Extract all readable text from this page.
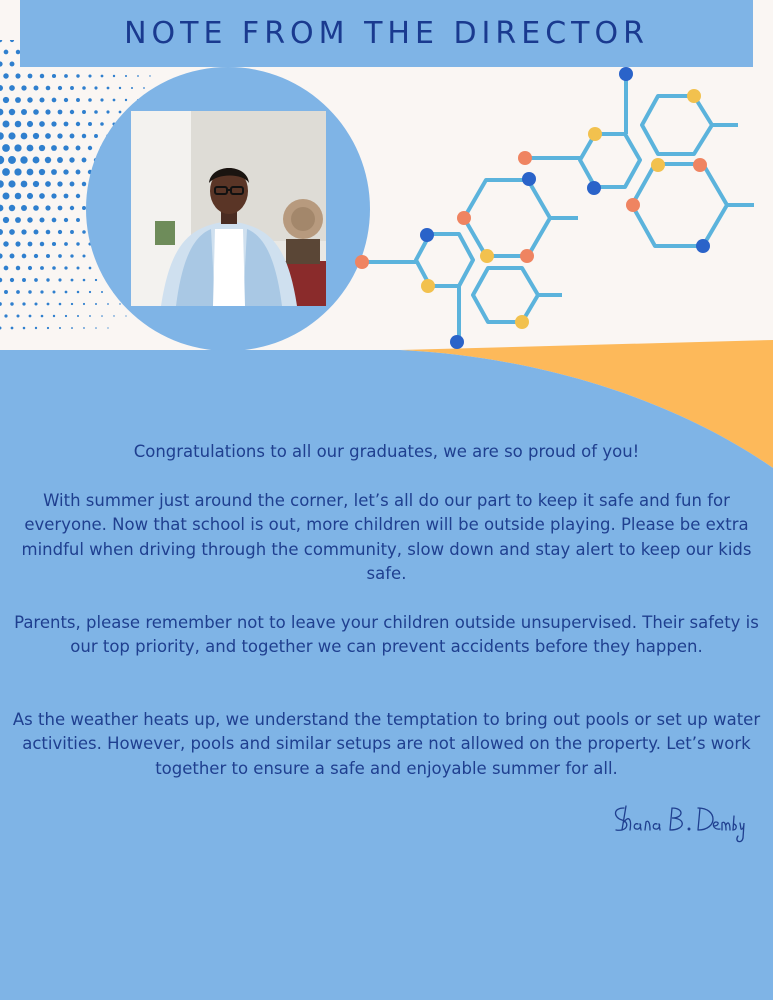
NOTE FROM THE DIRECTOR

Congratulations to all our graduates, we are so proud of you!

With summer just around the corner, let’s all do our part to keep it safe and fun for everyone. Now that school is out, more children will be outside playing. Please be extra mindful when driving through the community, slow down and stay alert to keep our kids safe.

Parents, please remember not to leave your children outside unsupervised. Their safety is our top priority, and together we can prevent accidents before they happen.

As the weather heats up, we understand the temptation to bring out pools or set up water activities. However, pools and similar setups are not allowed on the property. Let’s work together to ensure a safe and enjoyable summer for all.
